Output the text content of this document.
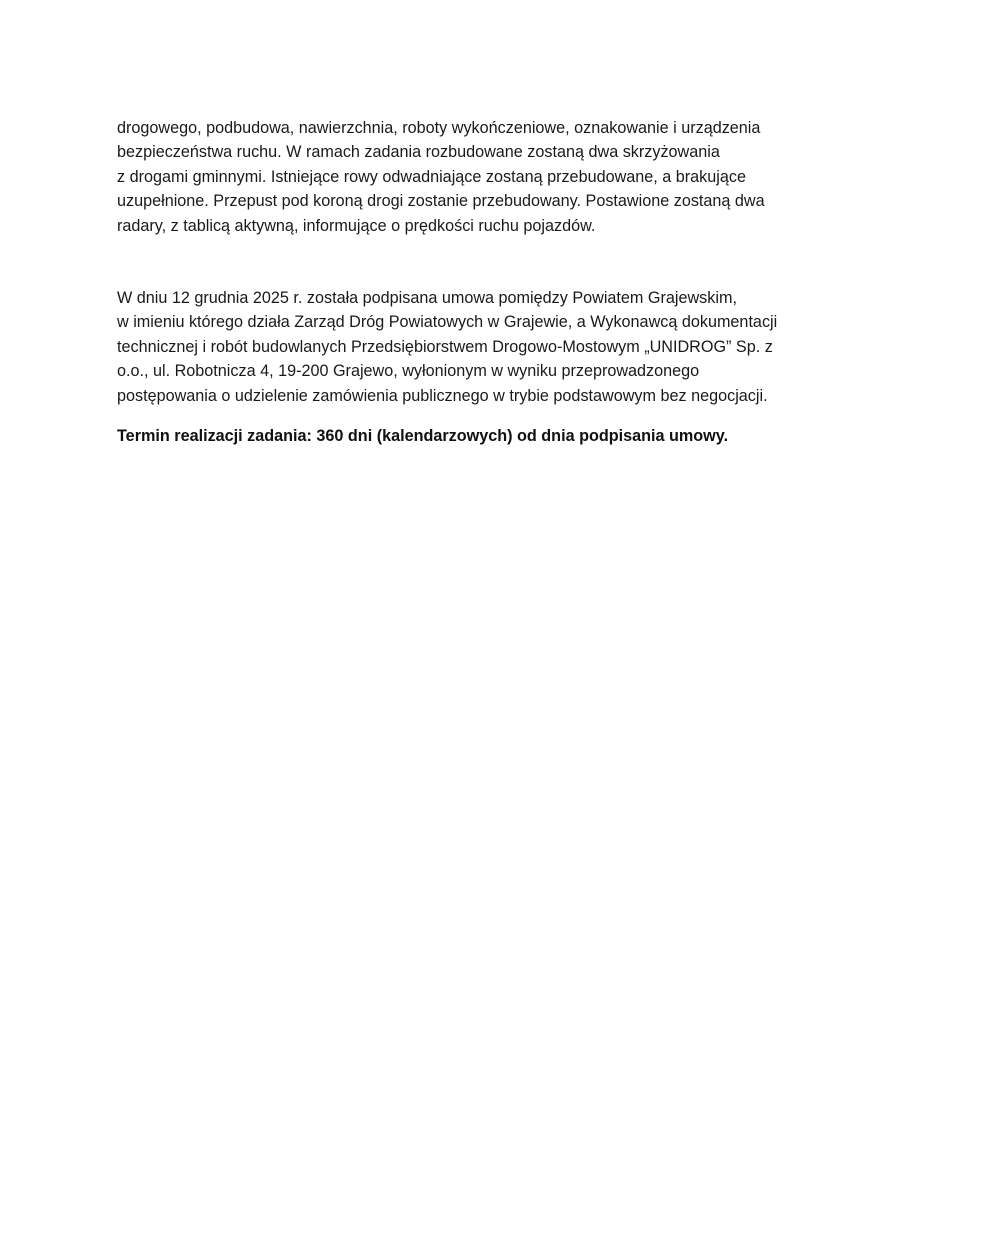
drogowego, podbudowa, nawierzchnia, roboty wykończeniowe, oznakowanie i urządzenia
bezpieczeństwa ruchu. W ramach zadania rozbudowane zostaną dwa skrzyżowania
z drogami gminnymi. Istniejące rowy odwadniające zostaną przebudowane, a brakujące
uzupełnione. Przepust pod koroną drogi zostanie przebudowany. Postawione zostaną dwa
radary, z tablicą aktywną, informujące o prędkości ruchu pojazdów.

W dniu 12 grudnia 2025 r. została podpisana umowa pomiędzy Powiatem Grajewskim,
w imieniu którego działa Zarząd Dróg Powiatowych w Grajewie, a Wykonawcą dokumentacji
technicznej i robót budowlanych Przedsiębiorstwem Drogowo-Mostowym „UNIDROG” Sp. z
o.o., ul. Robotnicza 4, 19-200 Grajewo, wyłonionym w wyniku przeprowadzonego
postępowania o udzielenie zamówienia publicznego w trybie podstawowym bez negocjacji.

Termin realizacji zadania: 360 dni (kalendarzowych) od dnia podpisania umowy.
